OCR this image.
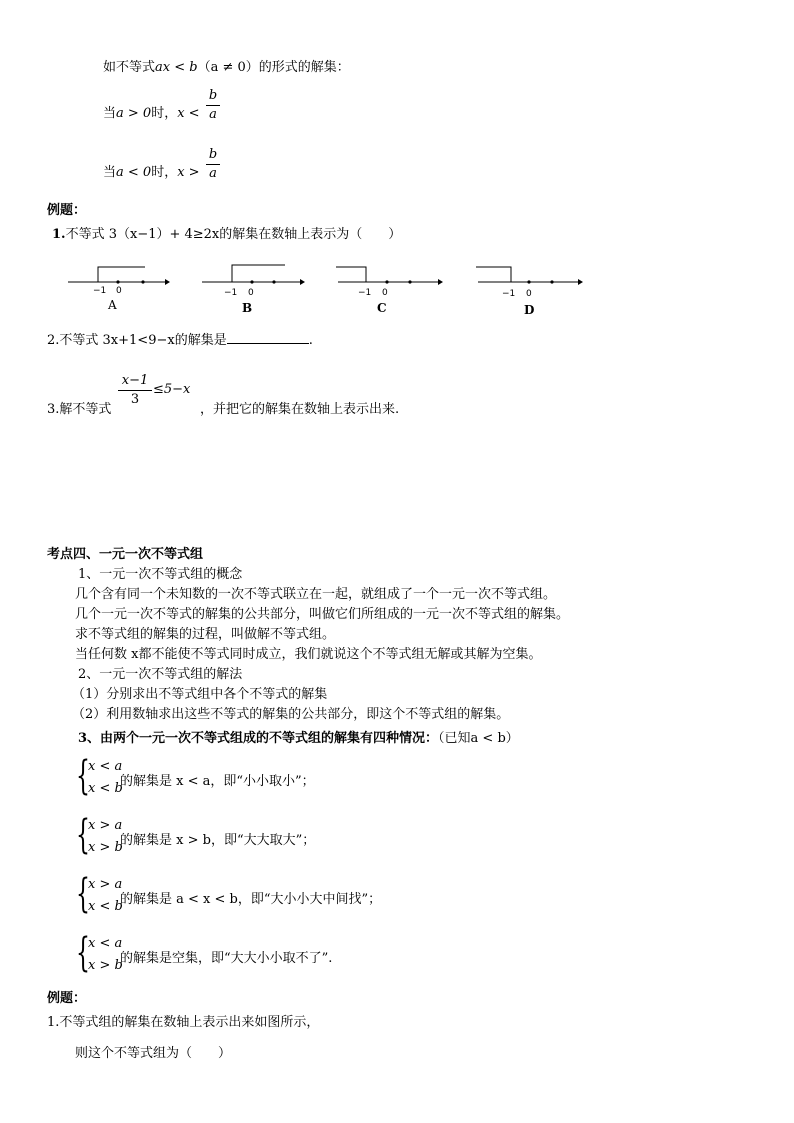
如不等式ax < b（a ≠ 0）的形式的解集：
当a > 0时，x <
b
a
当a < 0时，x >
b
a
例题：
1.不等式 3（x−1）+ 4≥2x的解集在数轴上表示为（　　）
−1 0
A
−1 0
B
−1 0
C
−1 0
D
2.不等式 3x+1<9−x的解集是	.
3.解不等式
x−1
3
≤5−x
，并把它的解集在数轴上表示出来.
考点四、一元一次不等式组
1、一元一次不等式组的概念
几个含有同一个未知数的一次不等式联立在一起，就组成了一个一元一次不等式组。
几个一元一次不等式的解集的公共部分，叫做它们所组成的一元一次不等式组的解集。
求不等式组的解集的过程，叫做解不等式组。
当任何数 x都不能使不等式同时成立，我们就说这个不等式组无解或其解为空集。
2、一元一次不等式组的解法
（1）分别求出不等式组中各个不等式的解集
（2）利用数轴求出这些不等式的解集的公共部分，即这个不等式组的解集。
3、由两个一元一次不等式组成的不等式组的解集有四种情况：（已知a < b）
{
x < a
x < b
的解集是 x < a，即“小小取小”；
{
x > a
x > b
的解集是 x > b，即“大大取大”；
{
x > a
x < b
的解集是 a < x < b，即“大小小大中间找”；
{
x < a
x > b
的解集是空集，即“大大小小取不了”.
例题：
1.不等式组的解集在数轴上表示出来如图所示，
则这个不等式组为（　　）
